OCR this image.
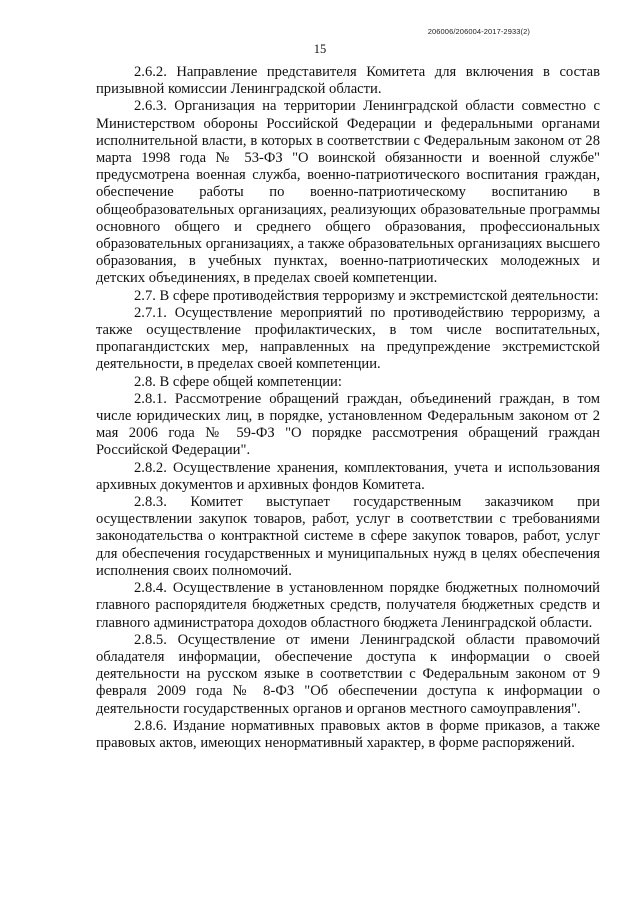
206006/206004-2017-2933(2)
15

2.6.2. Направление представителя Комитета для включения в состав призывной комиссии Ленинградской области.

2.6.3. Организация на территории Ленинградской области совместно с Министерством обороны Российской Федерации и федеральными органами исполнительной власти, в которых в соответствии с Федеральным законом от 28 марта 1998 года № 53-ФЗ "О воинской обязанности и военной службе" предусмотрена военная служба, военно-патриотического воспитания граждан, обеспечение работы по военно-патриотическому воспитанию в общеобразовательных организациях, реализующих образовательные программы основного общего и среднего общего образования, профессиональных образовательных организациях, а также образовательных организациях высшего образования, в учебных пунктах, военно-патриотических молодежных и детских объединениях, в пределах своей компетенции.

2.7. В сфере противодействия терроризму и экстремистской деятельности:

2.7.1. Осуществление мероприятий по противодействию терроризму, а также осуществление профилактических, в том числе воспитательных, пропагандистских мер, направленных на предупреждение экстремистской деятельности, в пределах своей компетенции.

2.8. В сфере общей компетенции:

2.8.1. Рассмотрение обращений граждан, объединений граждан, в том числе юридических лиц, в порядке, установленном Федеральным законом от 2 мая 2006 года № 59-ФЗ "О порядке рассмотрения обращений граждан Российской Федерации".

2.8.2. Осуществление хранения, комплектования, учета и использования архивных документов и архивных фондов Комитета.

2.8.3. Комитет выступает государственным заказчиком при осуществлении закупок товаров, работ, услуг в соответствии с требованиями законодательства о контрактной системе в сфере закупок товаров, работ, услуг для обеспечения государственных и муниципальных нужд в целях обеспечения исполнения своих полномочий.

2.8.4. Осуществление в установленном порядке бюджетных полномочий главного распорядителя бюджетных средств, получателя бюджетных средств и главного администратора доходов областного бюджета Ленинградской области.

2.8.5. Осуществление от имени Ленинградской области правомочий обладателя информации, обеспечение доступа к информации о своей деятельности на русском языке в соответствии с Федеральным законом от 9 февраля 2009 года № 8-ФЗ "Об обеспечении доступа к информации о деятельности государственных органов и органов местного самоуправления".

2.8.6. Издание нормативных правовых актов в форме приказов, а также правовых актов, имеющих ненормативный характер, в форме распоряжений.
